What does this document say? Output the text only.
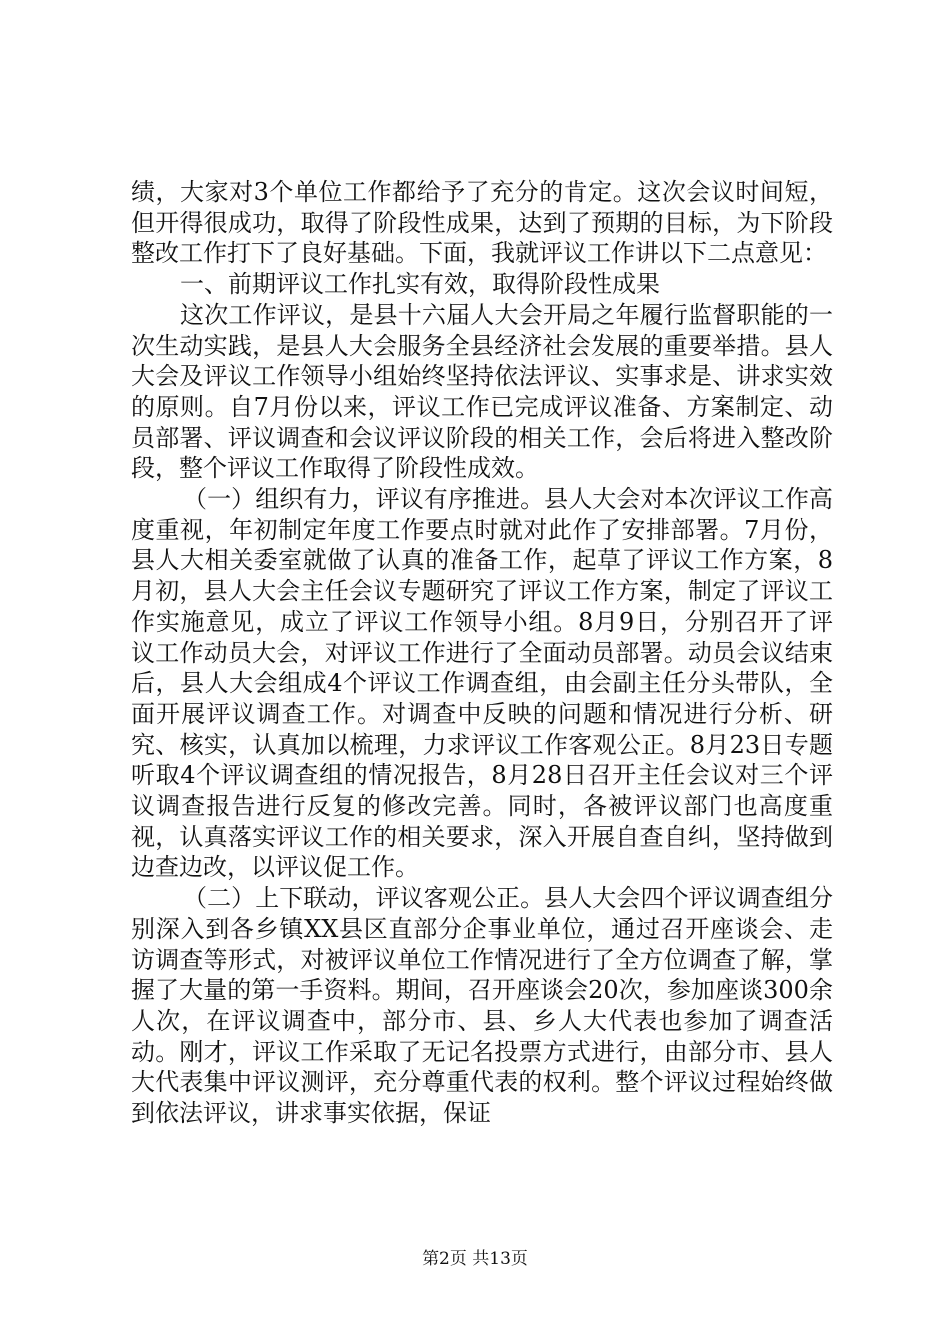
绩，大家对3个单位工作都给予了充分的肯定。这次会议时间短，但开得很成功，取得了阶段性成果，达到了预期的目标，为下阶段整改工作打下了良好基础。下面，我就评议工作讲以下二点意见：

一、前期评议工作扎实有效，取得阶段性成果

这次工作评议，是县十六届人大会开局之年履行监督职能的一次生动实践，是县人大会服务全县经济社会发展的重要举措。县人大会及评议工作领导小组始终坚持依法评议、实事求是、讲求实效的原则。自7月份以来，评议工作已完成评议准备、方案制定、动员部署、评议调查和会议评议阶段的相关工作，会后将进入整改阶段，整个评议工作取得了阶段性成效。

（一）组织有力，评议有序推进。县人大会对本次评议工作高度重视，年初制定年度工作要点时就对此作了安排部署。7月份，县人大相关委室就做了认真的准备工作，起草了评议工作方案，8月初，县人大会主任会议专题研究了评议工作方案，制定了评议工作实施意见，成立了评议工作领导小组。8月9日，分别召开了评议工作动员大会，对评议工作进行了全面动员部署。动员会议结束后，县人大会组成4个评议工作调查组，由会副主任分头带队，全面开展评议调查工作。对调查中反映的问题和情况进行分析、研究、核实，认真加以梳理，力求评议工作客观公正。8月23日专题听取4个评议调查组的情况报告，8月28日召开主任会议对三个评议调查报告进行反复的修改完善。同时，各被评议部门也高度重视，认真落实评议工作的相关要求，深入开展自查自纠，坚持做到边查边改，以评议促工作。

（二）上下联动，评议客观公正。县人大会四个评议调查组分别深入到各乡镇XX县区直部分企事业单位，通过召开座谈会、走访调查等形式，对被评议单位工作情况进行了全方位调查了解，掌握了大量的第一手资料。期间，召开座谈会20次，参加座谈300余人次，在评议调查中，部分市、县、乡人大代表也参加了调查活动。刚才，评议工作采取了无记名投票方式进行，由部分市、县人大代表集中评议测评，充分尊重代表的权利。整个评议过程始终做到依法评议，讲求事实依据，保证

第2页 共13页
